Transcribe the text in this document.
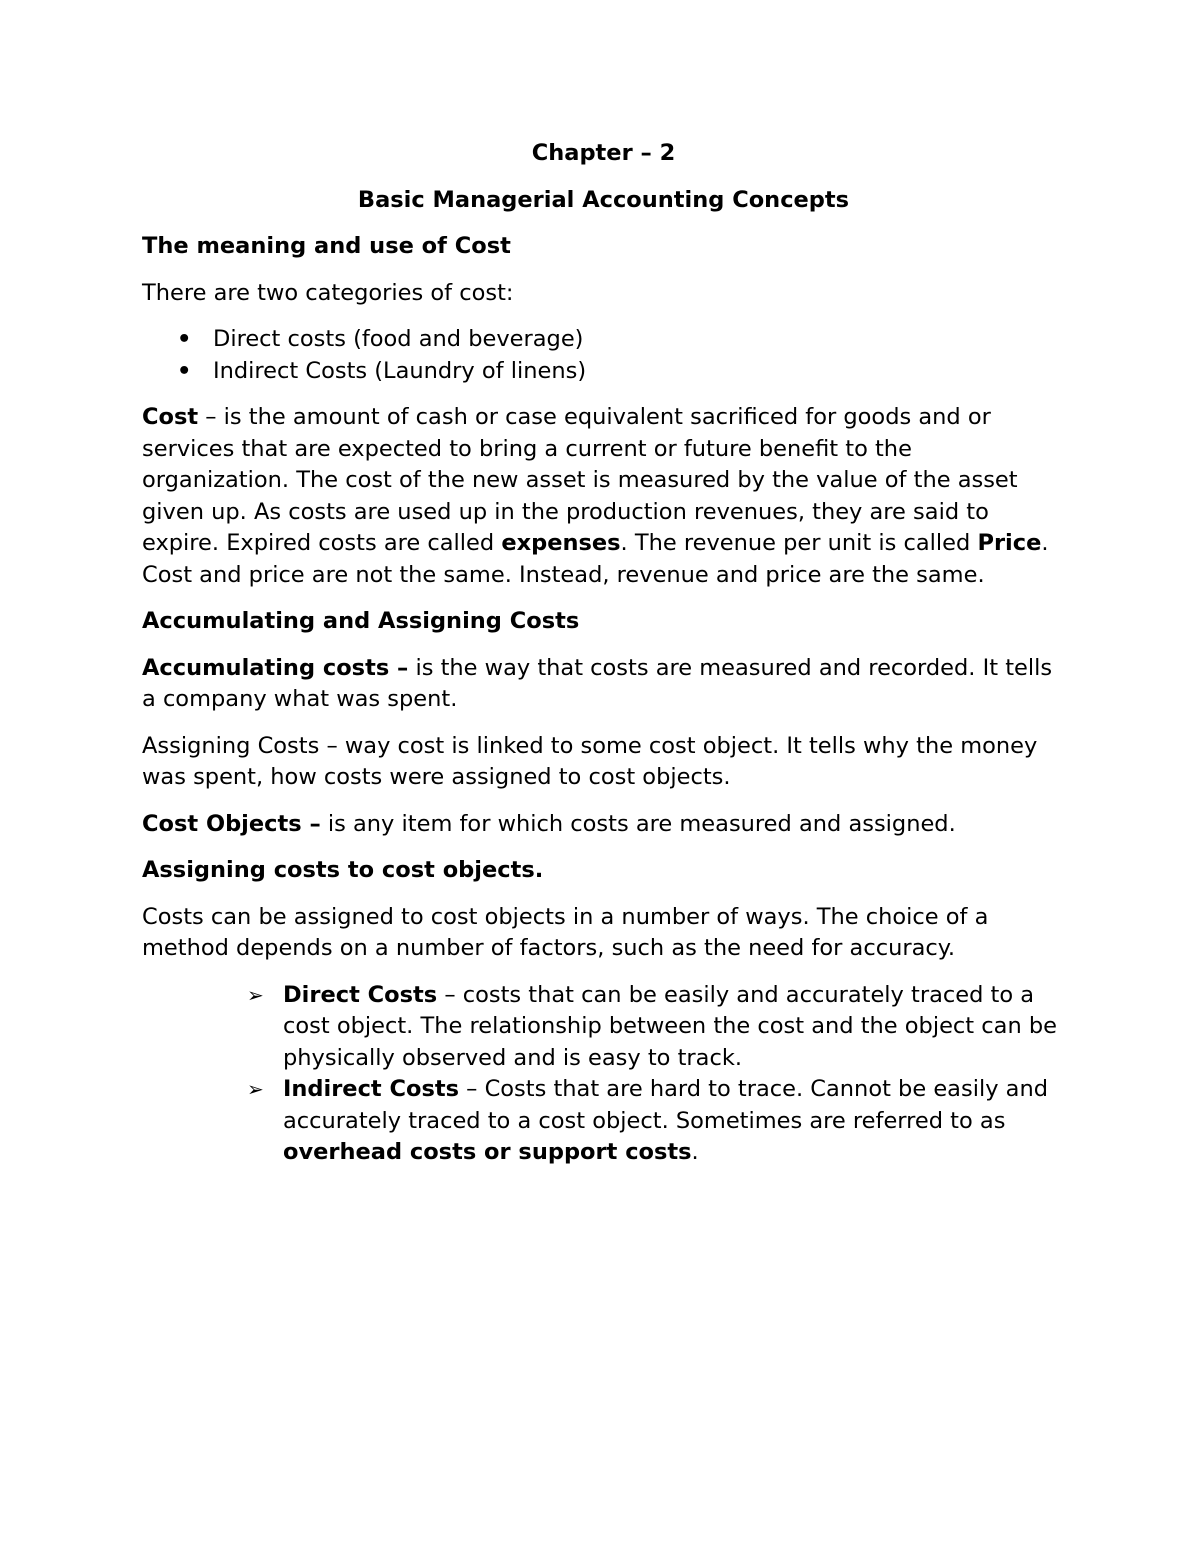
Chapter – 2

Basic Managerial Accounting Concepts

The meaning and use of Cost

There are two categories of cost:

• Direct costs (food and beverage)
• Indirect Costs (Laundry of linens)

Cost – is the amount of cash or case equivalent sacrificed for goods and or services that are expected to bring a current or future benefit to the organization. The cost of the new asset is measured by the value of the asset given up. As costs are used up in the production revenues, they are said to expire. Expired costs are called expenses. The revenue per unit is called Price. Cost and price are not the same. Instead, revenue and price are the same.

Accumulating and Assigning Costs

Accumulating costs – is the way that costs are measured and recorded. It tells a company what was spent.

Assigning Costs – way cost is linked to some cost object. It tells why the money was spent, how costs were assigned to cost objects.

Cost Objects – is any item for which costs are measured and assigned.

Assigning costs to cost objects.

Costs can be assigned to cost objects in a number of ways. The choice of a method depends on a number of factors, such as the need for accuracy.

➢ Direct Costs – costs that can be easily and accurately traced to a cost object. The relationship between the cost and the object can be physically observed and is easy to track.
➢ Indirect Costs – Costs that are hard to trace. Cannot be easily and accurately traced to a cost object. Sometimes are referred to as overhead costs or support costs.
